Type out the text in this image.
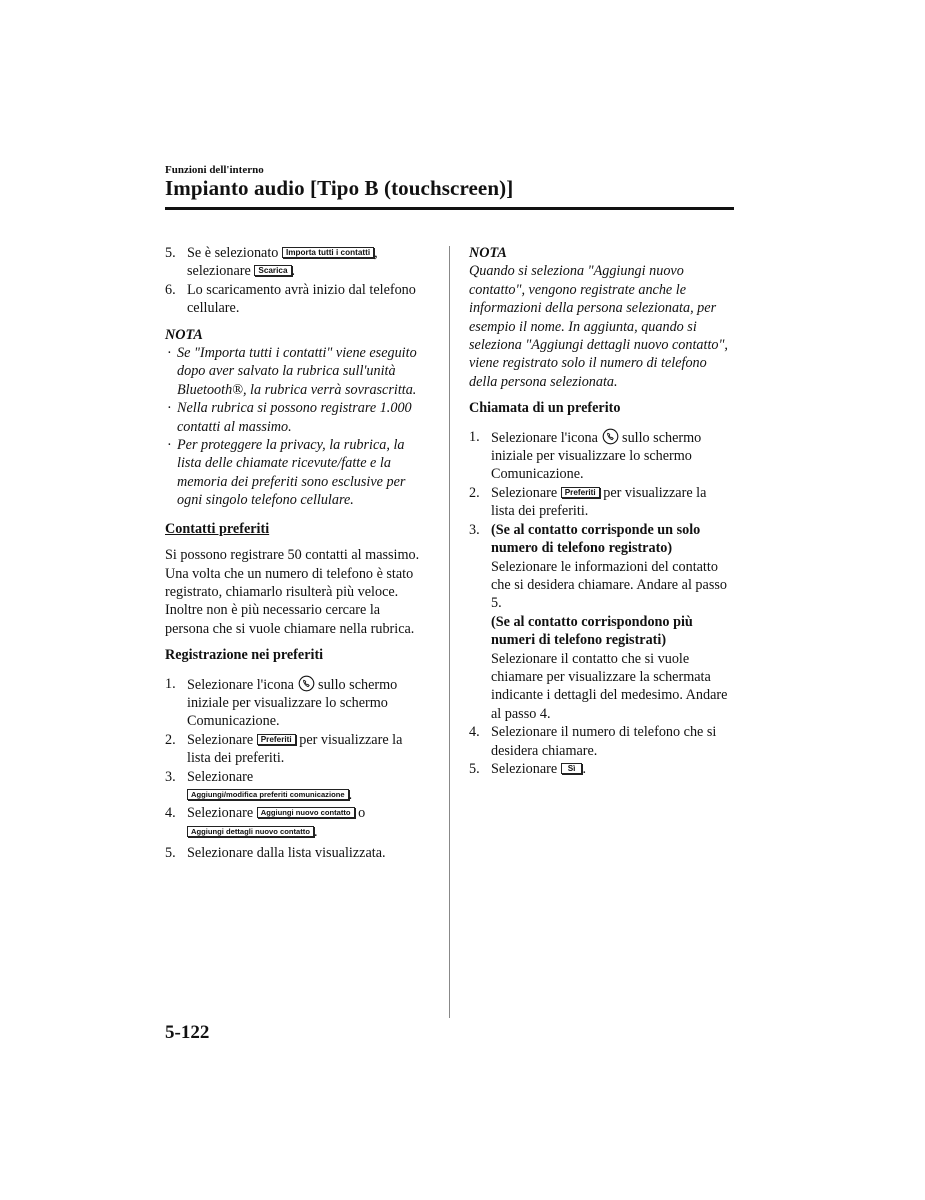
Funzioni dell'interno
Impianto audio [Tipo B (touchscreen)]
5. Se è selezionato Importa tutti i contatti ,
selezionare Scarica .
6. Lo scaricamento avrà inizio dal telefono cellulare.
NOTA
· Se "Importa tutti i contatti" viene eseguito dopo aver salvato la rubrica sull'unità Bluetooth®, la rubrica verrà sovrascritta.
· Nella rubrica si possono registrare 1.000 contatti al massimo.
· Per proteggere la privacy, la rubrica, la lista delle chiamate ricevute/fatte e la memoria dei preferiti sono esclusive per ogni singolo telefono cellulare.
Contatti preferiti
Si possono registrare 50 contatti al massimo. Una volta che un numero di telefono è stato registrato, chiamarlo risulterà più veloce. Inoltre non è più necessario cercare la persona che si vuole chiamare nella rubrica.
Registrazione nei preferiti
1. Selezionare l'icona sullo schermo iniziale per visualizzare lo schermo Comunicazione.
2. Selezionare Preferiti per visualizzare la lista dei preferiti.
3. Selezionare
Aggiungi/modifica preferiti comunicazione .
4. Selezionare Aggiungi nuovo contatto o
Aggiungi dettagli nuovo contatto .
5. Selezionare dalla lista visualizzata.
NOTA
Quando si seleziona "Aggiungi nuovo contatto", vengono registrate anche le informazioni della persona selezionata, per esempio il nome. In aggiunta, quando si seleziona "Aggiungi dettagli nuovo contatto", viene registrato solo il numero di telefono della persona selezionata.
Chiamata di un preferito
1. Selezionare l'icona sullo schermo iniziale per visualizzare lo schermo Comunicazione.
2. Selezionare Preferiti per visualizzare la lista dei preferiti.
3. (Se al contatto corrisponde un solo numero di telefono registrato)
Selezionare le informazioni del contatto che si desidera chiamare. Andare al passo 5.
(Se al contatto corrispondono più numeri di telefono registrati)
Selezionare il contatto che si vuole chiamare per visualizzare la schermata indicante i dettagli del medesimo. Andare al passo 4.
4. Selezionare il numero di telefono che si desidera chiamare.
5. Selezionare Sì .
5-122
